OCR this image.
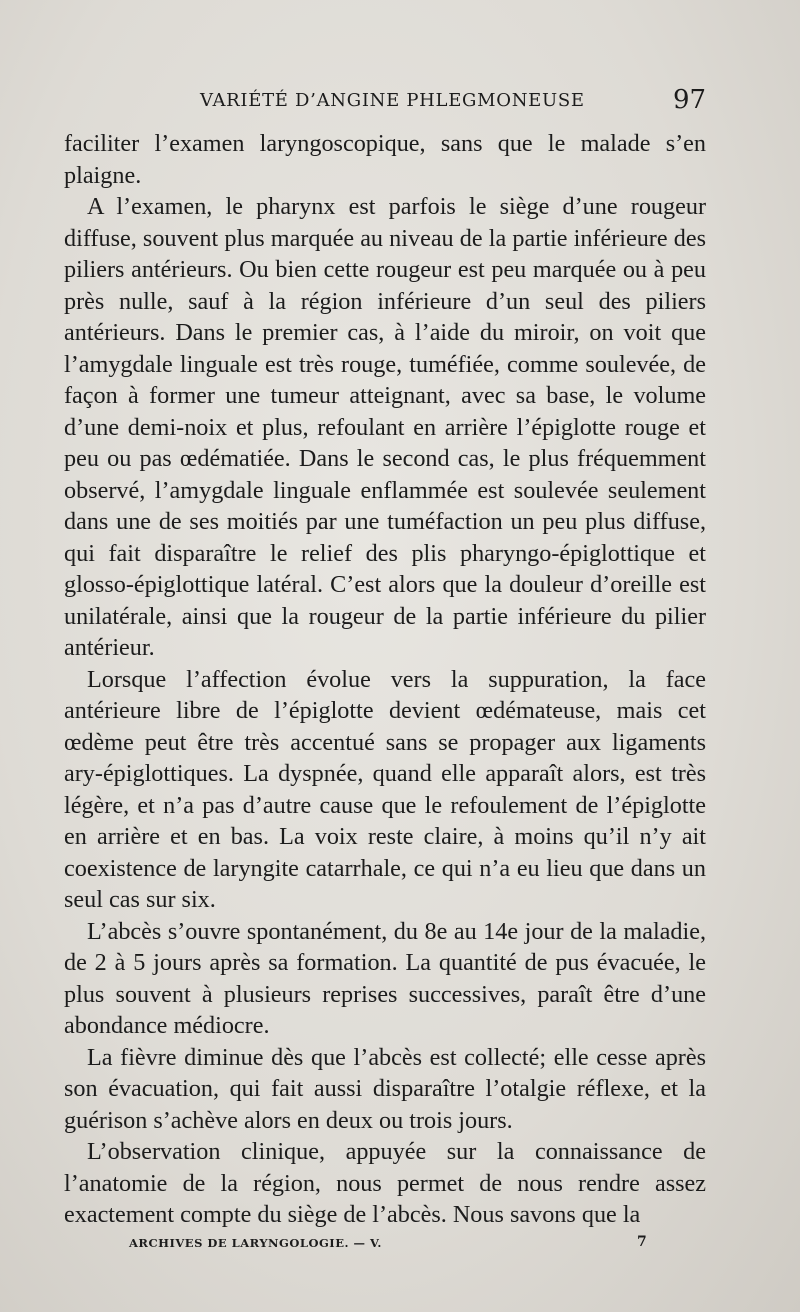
VARIÉTÉ D’ANGINE PHLEGMONEUSE	97

faciliter l’examen laryngoscopique, sans que le malade s’en plaigne.

A l’examen, le pharynx est parfois le siège d’une rougeur diffuse, souvent plus marquée au niveau de la partie inférieure des piliers antérieurs. Ou bien cette rougeur est peu marquée ou à peu près nulle, sauf à la région inférieure d’un seul des piliers antérieurs. Dans le premier cas, à l’aide du miroir, on voit que l’amygdale linguale est très rouge, tuméfiée, comme soulevée, de façon à former une tumeur atteignant, avec sa base, le volume d’une demi-noix et plus, refoulant en arrière l’épiglotte rouge et peu ou pas œdématiée. Dans le second cas, le plus fréquemment observé, l’amygdale linguale enflammée est soulevée seulement dans une de ses moitiés par une tuméfaction un peu plus diffuse, qui fait disparaître le relief des plis pharyngo-épiglottique et glosso-épiglottique latéral. C’est alors que la douleur d’oreille est unilatérale, ainsi que la rougeur de la partie inférieure du pilier antérieur.

Lorsque l’affection évolue vers la suppuration, la face antérieure libre de l’épiglotte devient œdémateuse, mais cet œdème peut être très accentué sans se propager aux ligaments ary-épiglottiques. La dyspnée, quand elle apparaît alors, est très légère, et n’a pas d’autre cause que le refoulement de l’épiglotte en arrière et en bas. La voix reste claire, à moins qu’il n’y ait coexistence de laryngite catarrhale, ce qui n’a eu lieu que dans un seul cas sur six.

L’abcès s’ouvre spontanément, du 8e au 14e jour de la maladie, de 2 à 5 jours après sa formation. La quantité de pus évacuée, le plus souvent à plusieurs reprises successives, paraît être d’une abondance médiocre.

La fièvre diminue dès que l’abcès est collecté; elle cesse après son évacuation, qui fait aussi disparaître l’otalgie réflexe, et la guérison s’achève alors en deux ou trois jours.

L’observation clinique, appuyée sur la connaissance de l’anatomie de la région, nous permet de nous rendre assez exactement compte du siège de l’abcès. Nous savons que la

ARCHIVES DE LARYNGOLOGIE. — V.	7
